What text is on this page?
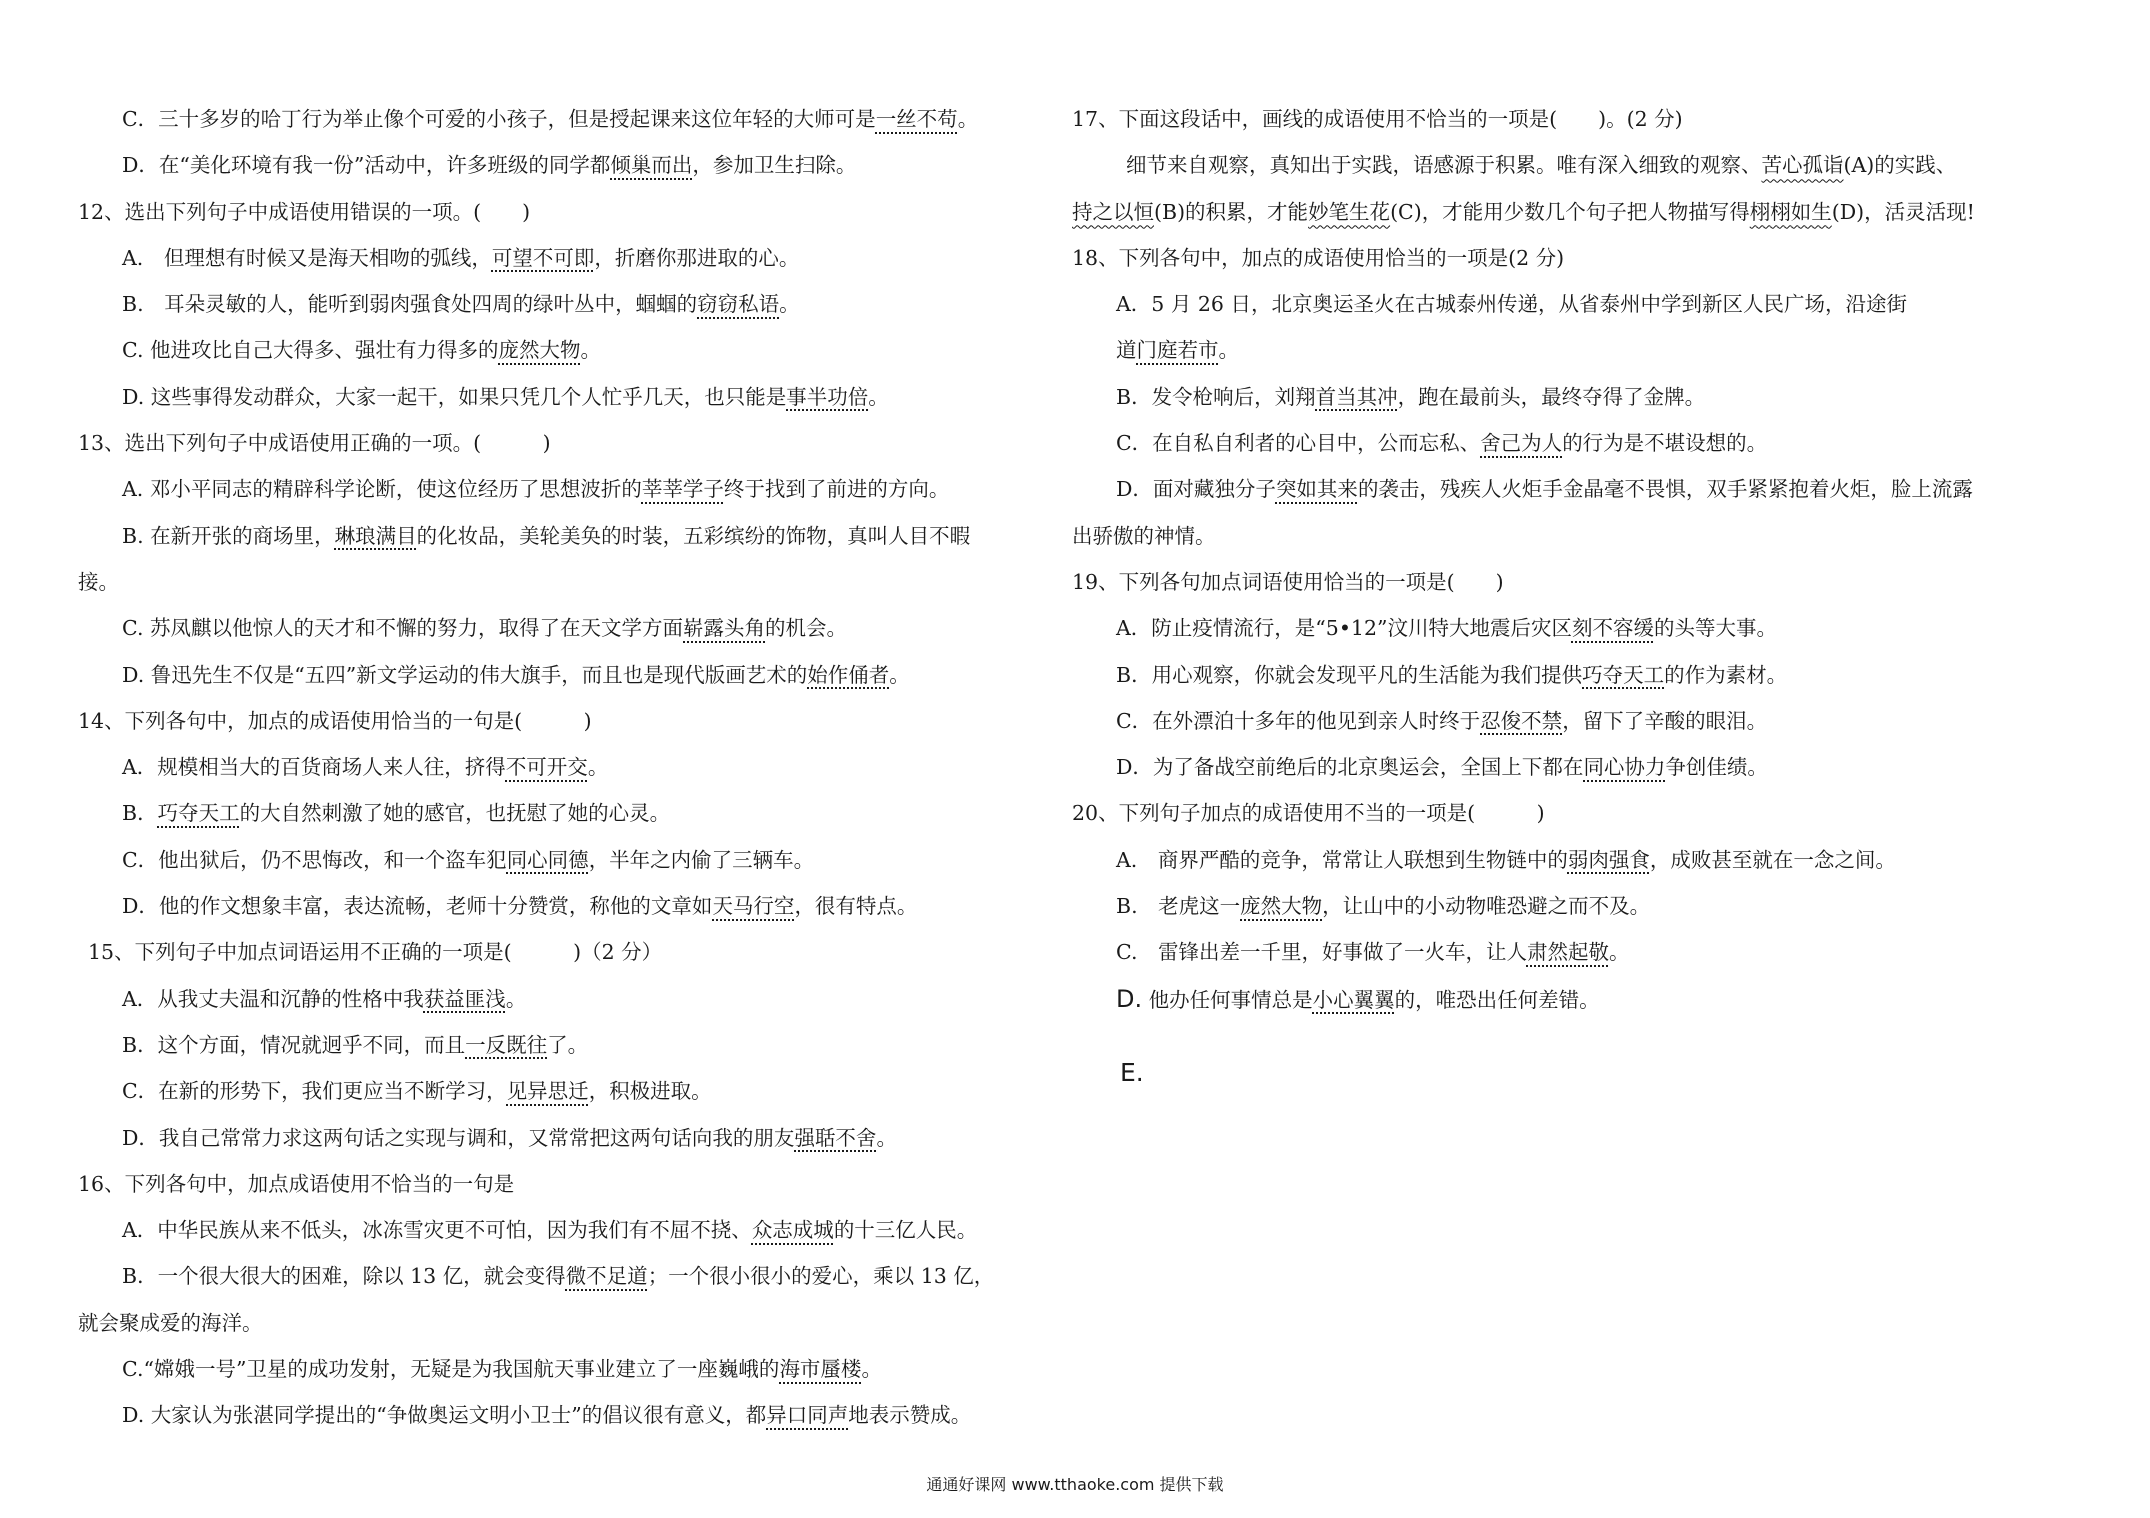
C．三十多岁的哈丁行为举止像个可爱的小孩子，但是授起课来这位年轻的大师可是一丝不苟。
D．在“美化环境有我一份”活动中，许多班级的同学都倾巢而出，参加卫生扫除。
12、选出下列句子中成语使用错误的一项。(　　)
A.　但理想有时候又是海天相吻的弧线，可望不可即，折磨你那进取的心。
B.　耳朵灵敏的人，能听到弱肉强食处四周的绿叶丛中，蝈蝈的窃窃私语。
C. 他进攻比自己大得多、强壮有力得多的庞然大物。
D. 这些事得发动群众，大家一起干，如果只凭几个人忙乎几天，也只能是事半功倍。
13、选出下列句子中成语使用正确的一项。(　　　)
A. 邓小平同志的精辟科学论断，使这位经历了思想波折的莘莘学子终于找到了前进的方向。
B. 在新开张的商场里，琳琅满目的化妆品，美轮美奂的时装，五彩缤纷的饰物，真叫人目不暇
接。
C. 苏凤麒以他惊人的天才和不懈的努力，取得了在天文学方面崭露头角的机会。
D. 鲁迅先生不仅是“五四”新文学运动的伟大旗手，而且也是现代版画艺术的始作俑者。
14、下列各句中，加点的成语使用恰当的一句是(　　　)
A．规模相当大的百货商场人来人往，挤得不可开交。
B．巧夺天工的大自然刺激了她的感官，也抚慰了她的心灵。
C．他出狱后，仍不思悔改，和一个盗车犯同心同德，半年之内偷了三辆车。
D．他的作文想象丰富，表达流畅，老师十分赞赏，称他的文章如天马行空，很有特点。
15、下列句子中加点词语运用不正确的一项是(　　　)（2 分）
A．从我丈夫温和沉静的性格中我获益匪浅。
B．这个方面，情况就迥乎不同，而且一反既往了。
C．在新的形势下，我们更应当不断学习，见异思迁，积极进取。
D．我自己常常力求这两句话之实现与调和，又常常把这两句话向我的朋友强聒不舍。
16、下列各句中，加点成语使用不恰当的一句是
A．中华民族从来不低头，冰冻雪灾更不可怕，因为我们有不屈不挠、众志成城的十三亿人民。
B．一个很大很大的困难，除以 13 亿，就会变得微不足道；一个很小很小的爱心，乘以 13 亿，
就会聚成爱的海洋。
C.“嫦娥一号”卫星的成功发射，无疑是为我国航天事业建立了一座巍峨的海市蜃楼。
D. 大家认为张湛同学提出的“争做奥运文明小卫士”的倡议很有意义，都异口同声地表示赞成。
17、下面这段话中，画线的成语使用不恰当的一项是(　　)。(2 分)
细节来自观察，真知出于实践，语感源于积累。唯有深入细致的观察、苦心孤诣(A)的实践、
持之以恒(B)的积累，才能妙笔生花(C)，才能用少数几个句子把人物描写得栩栩如生(D)，活灵活现!
18、下列各句中，加点的成语使用恰当的一项是(2 分)
A．5 月 26 日，北京奥运圣火在古城泰州传递，从省泰州中学到新区人民广场，沿途街
道门庭若市。
B．发令枪响后，刘翔首当其冲，跑在最前头，最终夺得了金牌。
C．在自私自利者的心目中，公而忘私、舍己为人的行为是不堪设想的。
D．面对藏独分子突如其来的袭击，残疾人火炬手金晶毫不畏惧，双手紧紧抱着火炬，脸上流露
出骄傲的神情。
19、下列各句加点词语使用恰当的一项是(　　)
A．防止疫情流行，是“5•12”汶川特大地震后灾区刻不容缓的头等大事。
B．用心观察，你就会发现平凡的生活能为我们提供巧夺天工的作为素材。
C．在外漂泊十多年的他见到亲人时终于忍俊不禁，留下了辛酸的眼泪。
D．为了备战空前绝后的北京奥运会，全国上下都在同心协力争创佳绩。
20、下列句子加点的成语使用不当的一项是(　　　)
A.　商界严酷的竞争，常常让人联想到生物链中的弱肉强食，成败甚至就在一念之间。
B.　老虎这一庞然大物，让山中的小动物唯恐避之而不及。
C.　雷锋出差一千里，好事做了一火车，让人肃然起敬。
D. 他办任何事情总是小心翼翼的，唯恐出任何差错。
E.
通通好课网 www.tthaoke.com 提供下载
